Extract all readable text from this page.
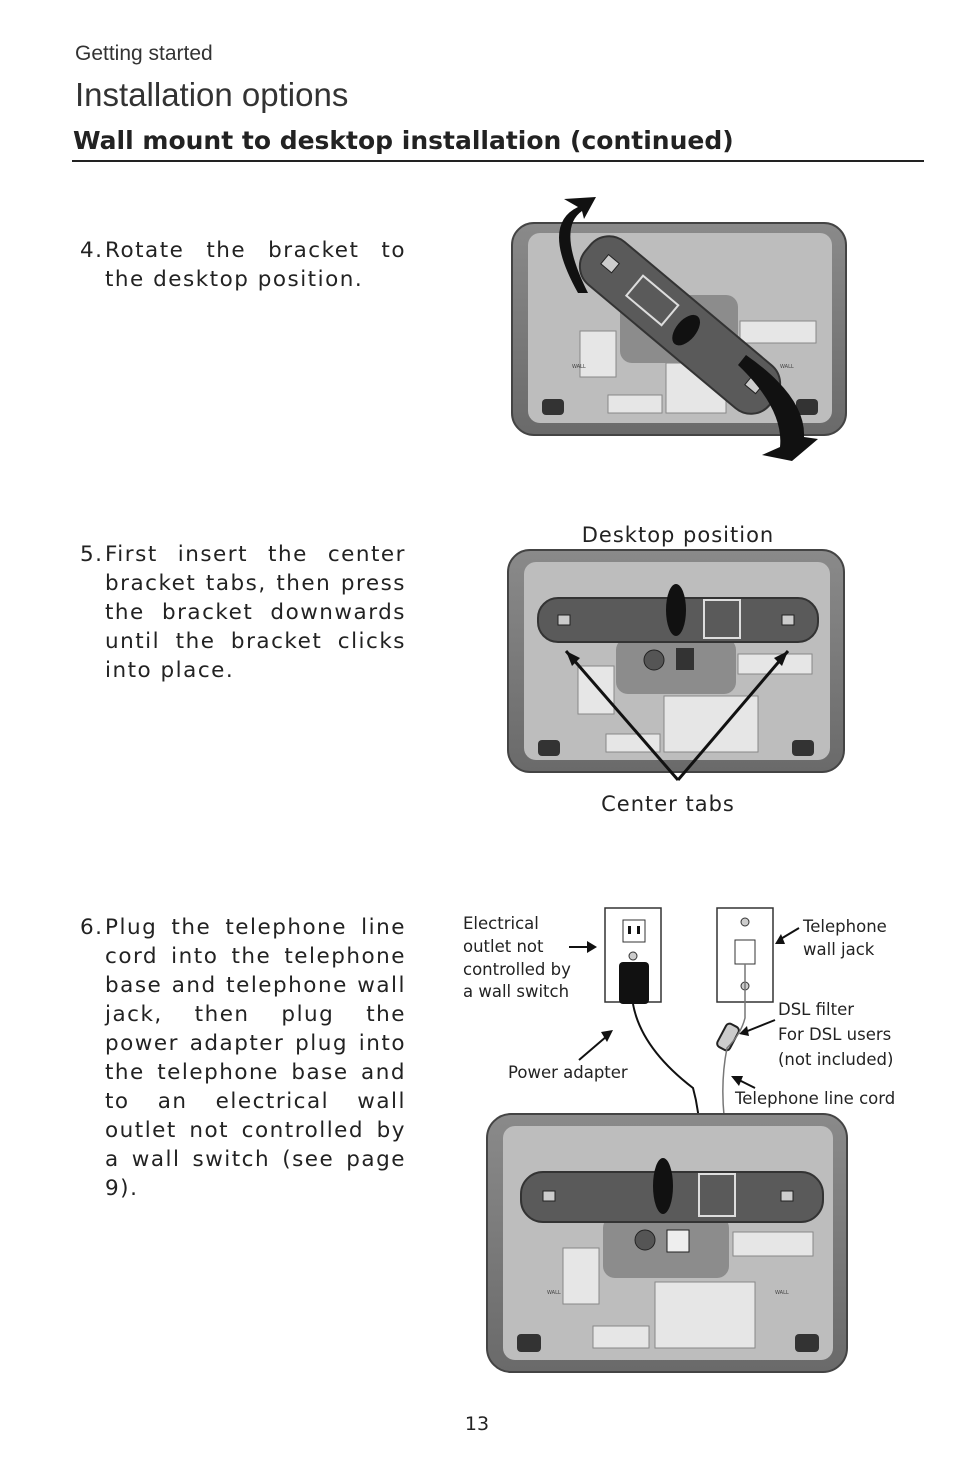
Getting started
Installation options
Wall mount to desktop installation (continued)
4. Rotate the bracket to the desktop position.
5. First insert the center bracket tabs, then press the bracket downwards until the bracket clicks into place.
6. Plug the telephone line cord into the telephone base and telephone wall jack, then plug the power adapter plug into the telephone base and to an electrical wall outlet not controlled by a wall switch (see page 9).
WALL	WALL
Desktop position
Center tabs
Electrical
outlet not
controlled by
a wall switch
Telephone
wall jack
DSL filter
For DSL users
(not included)
Power adapter
Telephone line cord
WALL	WALL
13
